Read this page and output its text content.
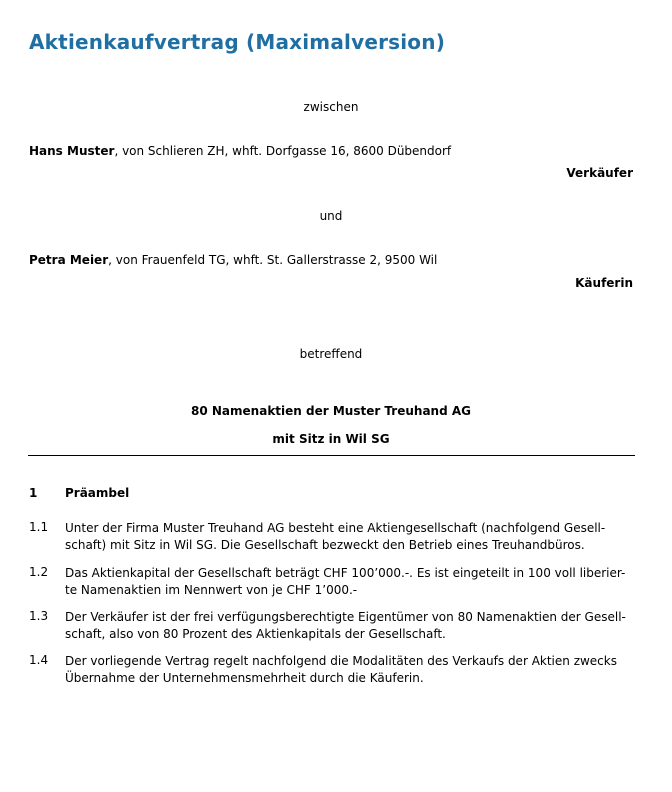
Aktienkaufvertrag (Maximalversion)
zwischen
Hans Muster, von Schlieren ZH, whft. Dorfgasse 16, 8600 Dübendorf
Verkäufer
und
Petra Meier, von Frauenfeld TG, whft. St. Gallerstrasse 2, 9500 Wil
Käuferin
betreffend
80 Namenaktien der Muster Treuhand AG
mit Sitz in Wil SG
1 Präambel
1.1 Unter der Firma Muster Treuhand AG besteht eine Aktiengesellschaft (nachfolgend Gesell-
schaft) mit Sitz in Wil SG. Die Gesellschaft bezweckt den Betrieb eines Treuhandbüros.
1.2 Das Aktienkapital der Gesellschaft beträgt CHF 100’000.-. Es ist eingeteilt in 100 voll liberier-
te Namenaktien im Nennwert von je CHF 1’000.-
1.3 Der Verkäufer ist der frei verfügungsberechtigte Eigentümer von 80 Namenaktien der Gesell-
schaft, also von 80 Prozent des Aktienkapitals der Gesellschaft.
1.4 Der vorliegende Vertrag regelt nachfolgend die Modalitäten des Verkaufs der Aktien zwecks
Übernahme der Unternehmensmehrheit durch die Käuferin.
